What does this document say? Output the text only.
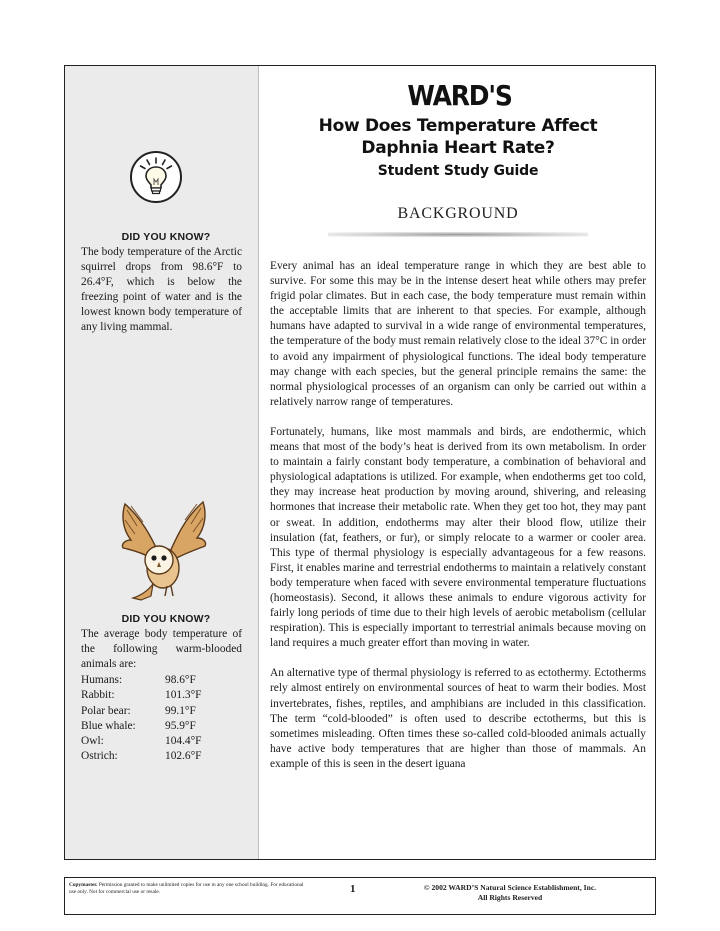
DID YOU KNOW?
The body temperature of the Arctic squirrel drops from 98.6°F to 26.4°F, which is below the freezing point of water and is the lowest known body temperature of any living mammal.
DID YOU KNOW?
The average body temperature of the following warm-blooded animals are:
Humans:	98.6°F
Rabbit:	101.3°F
Polar bear:	99.1°F
Blue whale:	95.9°F
Owl:	104.4°F
Ostrich:	102.6°F
WARD'S
How Does Temperature Affect
Daphnia Heart Rate?
Student Study Guide
BACKGROUND

Every animal has an ideal temperature range in which they are best able to survive. For some this may be in the intense desert heat while others may prefer frigid polar climates. But in each case, the body temperature must remain within the acceptable limits that are inherent to that species. For example, although humans have adapted to survival in a wide range of environmental temperatures, the temperature of the body must remain relatively close to the ideal 37°C in order to avoid any impairment of physiological functions. The ideal body temperature may change with each species, but the general principle remains the same: the normal physiological processes of an organism can only be carried out within a relatively narrow range of temperatures.

Fortunately, humans, like most mammals and birds, are endothermic, which means that most of the body’s heat is derived from its own metabolism. In order to maintain a fairly constant body temperature, a combination of behavioral and physiological adaptations is utilized. For example, when endotherms get too cold, they may increase heat production by moving around, shivering, and releasing hormones that increase their metabolic rate. When they get too hot, they may pant or sweat. In addition, endotherms may alter their blood flow, utilize their insulation (fat, feathers, or fur), or simply relocate to a warmer or cooler area. This type of thermal physiology is especially advantageous for a few reasons. First, it enables marine and terrestrial endotherms to maintain a relatively constant body temperature when faced with severe environmental temperature fluctuations (homeostasis). Second, it allows these animals to endure vigorous activity for fairly long periods of time due to their high levels of aerobic metabolism (cellular respiration). This is especially important to terrestrial animals because moving on land requires a much greater effort than moving in water.

An alternative type of thermal physiology is referred to as ectothermy. Ectotherms rely almost entirely on environmental sources of heat to warm their bodies. Most invertebrates, fishes, reptiles, and amphibians are included in this classification. The term “cold-blooded” is often used to describe ectotherms, but this is sometimes misleading. Often times these so-called cold-blooded animals actually have active body temperatures that are higher than those of mammals. An example of this is seen in the desert iguana

Copymaster. Permission granted to make unlimited copies for use in any one school building. For educational use only. Not for commercial use or resale.	1	© 2002 WARD’S Natural Science Establishment, Inc.
All Rights Reserved
